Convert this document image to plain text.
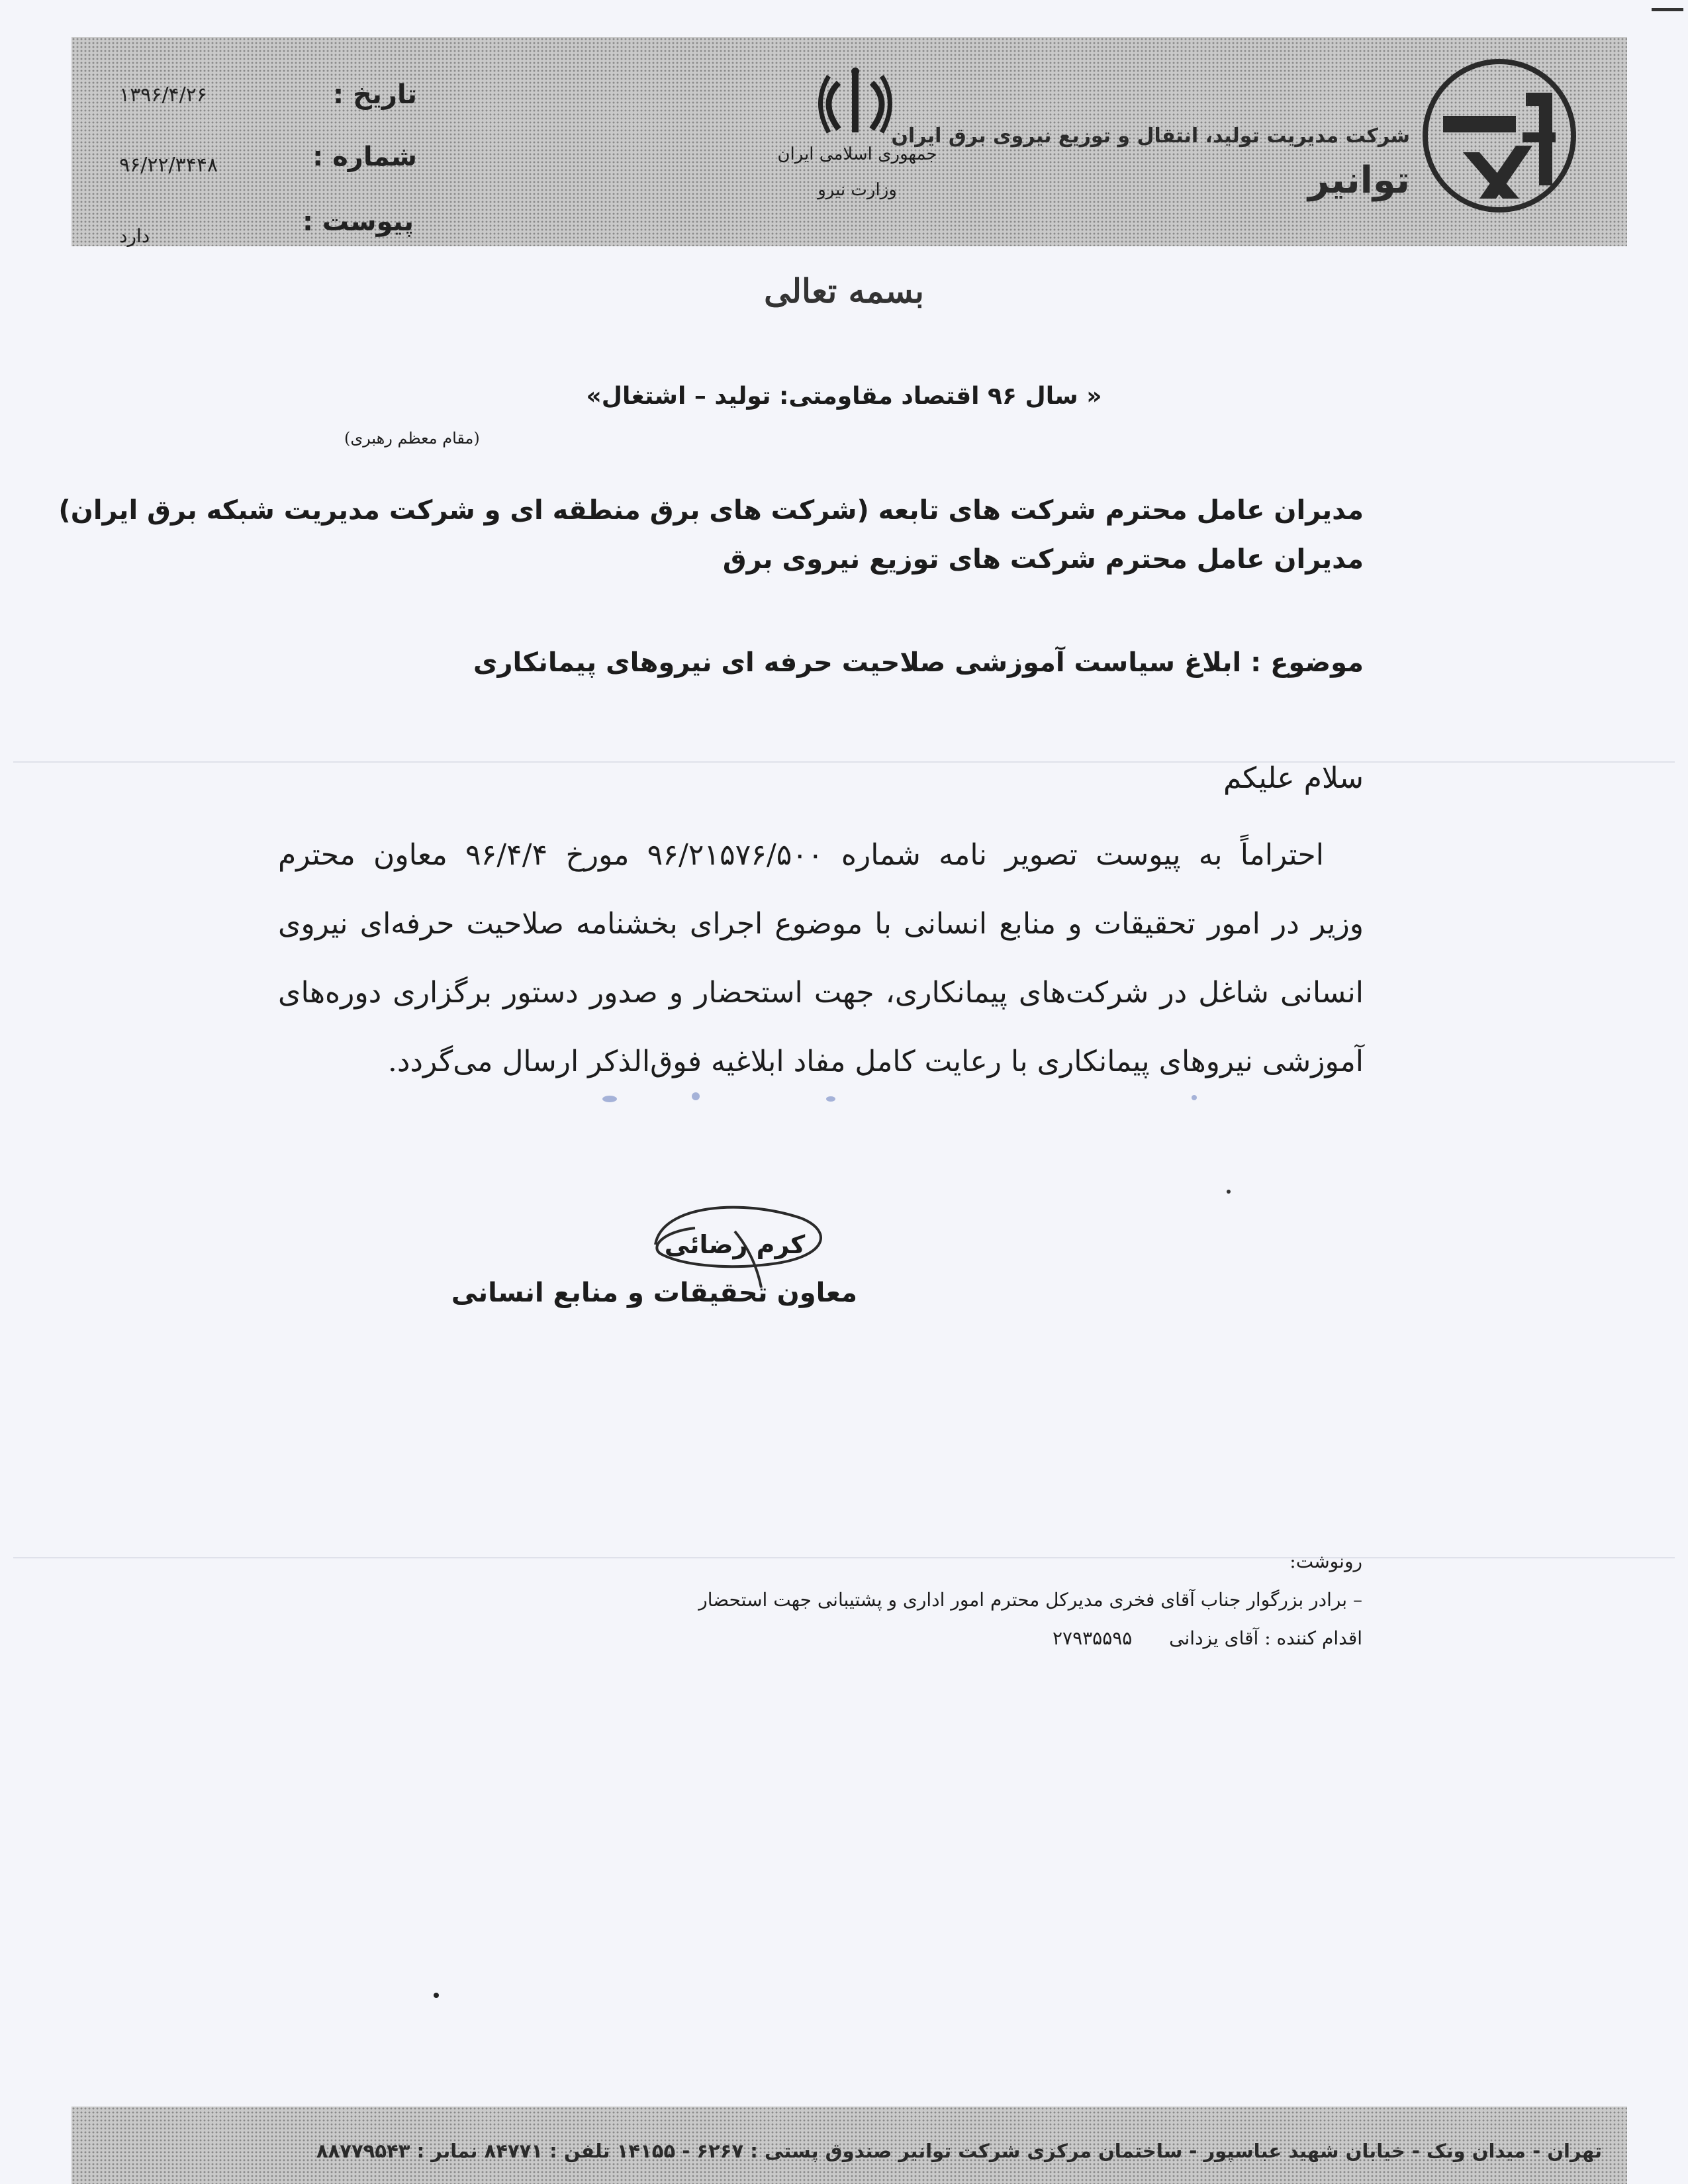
شرکت مدیریت تولید، انتقال و توزیع نیروی برق ایران
توانیر
جمهوری اسلامی ایران
وزارت نیرو
تاریخ :
۱۳۹۶/۴/۲۶
شماره :
۹۶/۲۲/۳۴۴۸
پیوست :
دارد
بسمه تعالی
« سال ۹۶ اقتصاد مقاومتی: تولید – اشتغال»
(مقام معظم رهبری)
مدیران عامل محترم شرکت های تابعه (شرکت های برق منطقه ای و شرکت مدیریت شبکه برق ایران)
مدیران عامل محترم شرکت های توزیع نیروی برق
موضوع : ابلاغ سیاست آموزشی صلاحیت حرفه ای نیروهای پیمانکاری
سلام علیکم
احتراماً به پیوست تصویر نامه شماره ۹۶/۲۱۵۷۶/۵۰۰ مورخ ۹۶/۴/۴ معاون محترم
وزیر در امور تحقیقات و منابع انسانی با موضوع اجرای بخشنامه صلاحیت حرفه‌ای نیروی
انسانی شاغل در شرکت‌های پیمانکاری، جهت استحضار و صدور دستور برگزاری دوره‌های
آموزشی نیروهای پیمانکاری با رعایت کامل مفاد ابلاغیه فوق‌الذکر ارسال می‌گردد.
کرم رضائی
معاون تحقیقات و منابع انسانی
رونوشت:
– برادر بزرگوار جناب آقای فخری مدیرکل محترم امور اداری و پشتیبانی جهت استحضار
اقدام کننده : آقای یزدانی
۲۷۹۳۵۵۹۵
تهران - میدان ونک - خیابان شهید عباسپور - ساختمان مرکزی شرکت توانیر صندوق پستی : ۶۲۶۷ - ۱۴۱۵۵ تلفن : ۸۴۷۷۱ نمابر : ۸۸۷۷۹۵۴۳
